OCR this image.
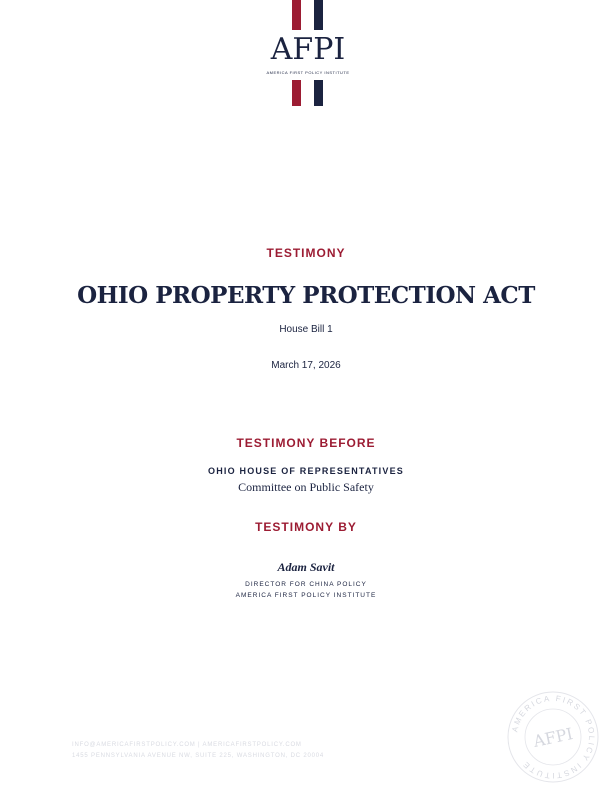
AFPI
AMERICA FIRST POLICY INSTITUTE
TESTIMONY
OHIO PROPERTY PROTECTION ACT
House Bill 1
March 17, 2026
TESTIMONY BEFORE
OHIO HOUSE OF REPRESENTATIVES
Committee on Public Safety
TESTIMONY BY
Adam Savit
DIRECTOR FOR CHINA POLICY
AMERICA FIRST POLICY INSTITUTE
INFO@AMERICAFIRSTPOLICY.COM | AMERICAFIRSTPOLICY.COM
1455 PENNSYLVANIA AVENUE NW, SUITE 225, WASHINGTON, DC 20004
AMERICA FIRST POLICY INSTITUTE
AFPI
